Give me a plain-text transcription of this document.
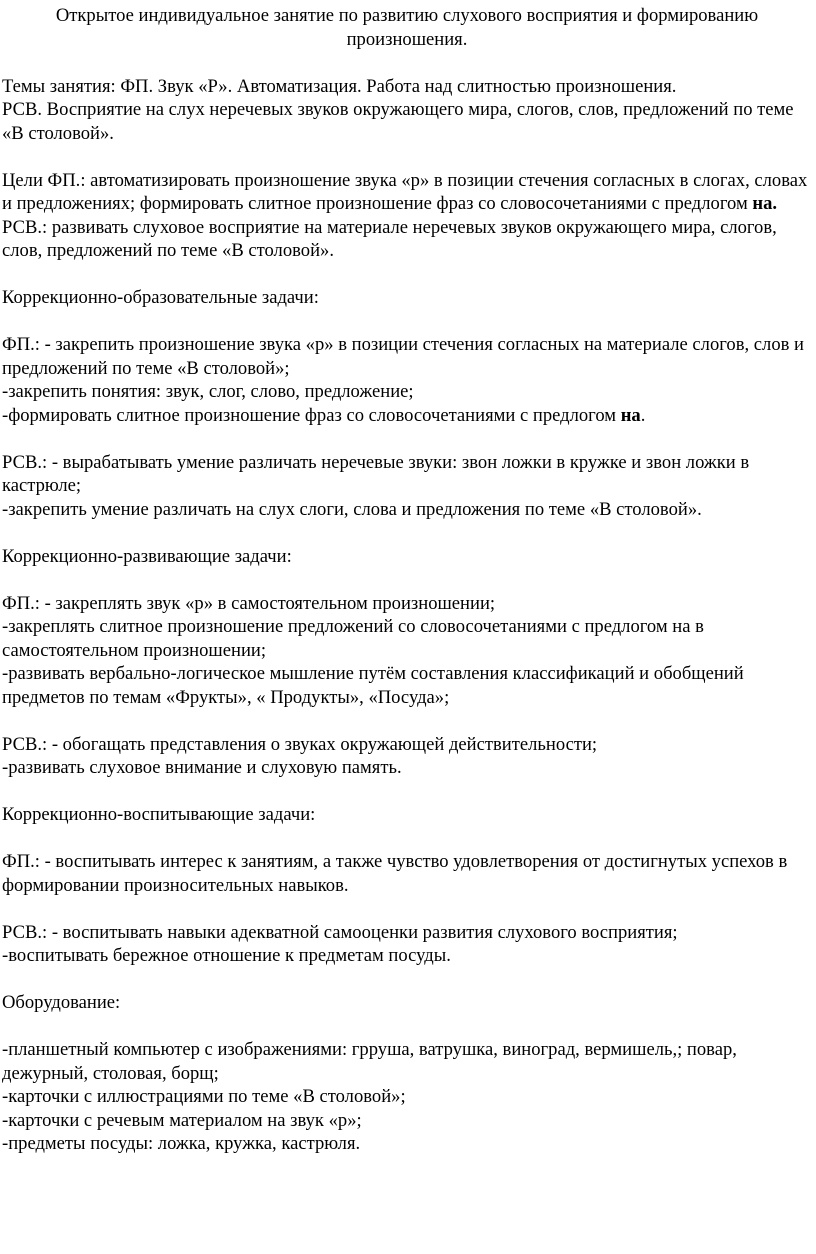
Открытое индивидуальное занятие по развитию слухового восприятия и формированию произношения.

Темы занятия: ФП. Звук «Р». Автоматизация. Работа над слитностью произношения.

РСВ. Восприятие на слух неречевых звуков окружающего мира, слогов, слов, предложений по теме «В столовой».

Цели ФП.: автоматизировать произношение звука «р» в позиции стечения согласных в слогах, словах и предложениях; формировать слитное произношение фраз со словосочетаниями с предлогом на.

РСВ.: развивать слуховое восприятие на материале неречевых звуков окружающего мира, слогов, слов, предложений по теме «В столовой».

Коррекционно-образовательные задачи:

ФП.: - закрепить произношение звука «р» в позиции стечения согласных на материале слогов, слов и предложений по теме «В столовой»;

-закрепить понятия: звук, слог, слово, предложение;

-формировать слитное произношение фраз со словосочетаниями с предлогом на.

РСВ.: - вырабатывать умение различать неречевые звуки: звон ложки в кружке и звон ложки в кастрюле;

-закрепить умение различать на слух слоги, слова и предложения по теме «В столовой».

Коррекционно-развивающие задачи:

ФП.: - закреплять звук «р» в самостоятельном произношении;

-закреплять слитное произношение предложений со словосочетаниями с предлогом на в самостоятельном произношении;

-развивать вербально-логическое мышление путём составления классификаций и обобщений предметов по темам «Фрукты», « Продукты», «Посуда»;

РСВ.: - обогащать представления о звуках окружающей действительности;

-развивать слуховое внимание и слуховую память.

Коррекционно-воспитывающие задачи:

ФП.: - воспитывать интерес к занятиям, а также чувство удовлетворения от достигнутых успехов в формировании произносительных навыков.

РСВ.: - воспитывать навыки адекватной самооценки развития слухового восприятия;

-воспитывать бережное отношение к предметам посуды.

Оборудование:

-планшетный компьютер с изображениями: грруша, ватрушка, виноград, вермишель,; повар, дежурный, столовая, борщ;

-карточки с иллюстрациями по теме «В столовой»;

-карточки с речевым материалом на звук «р»;

-предметы посуды: ложка, кружка, кастрюля.
